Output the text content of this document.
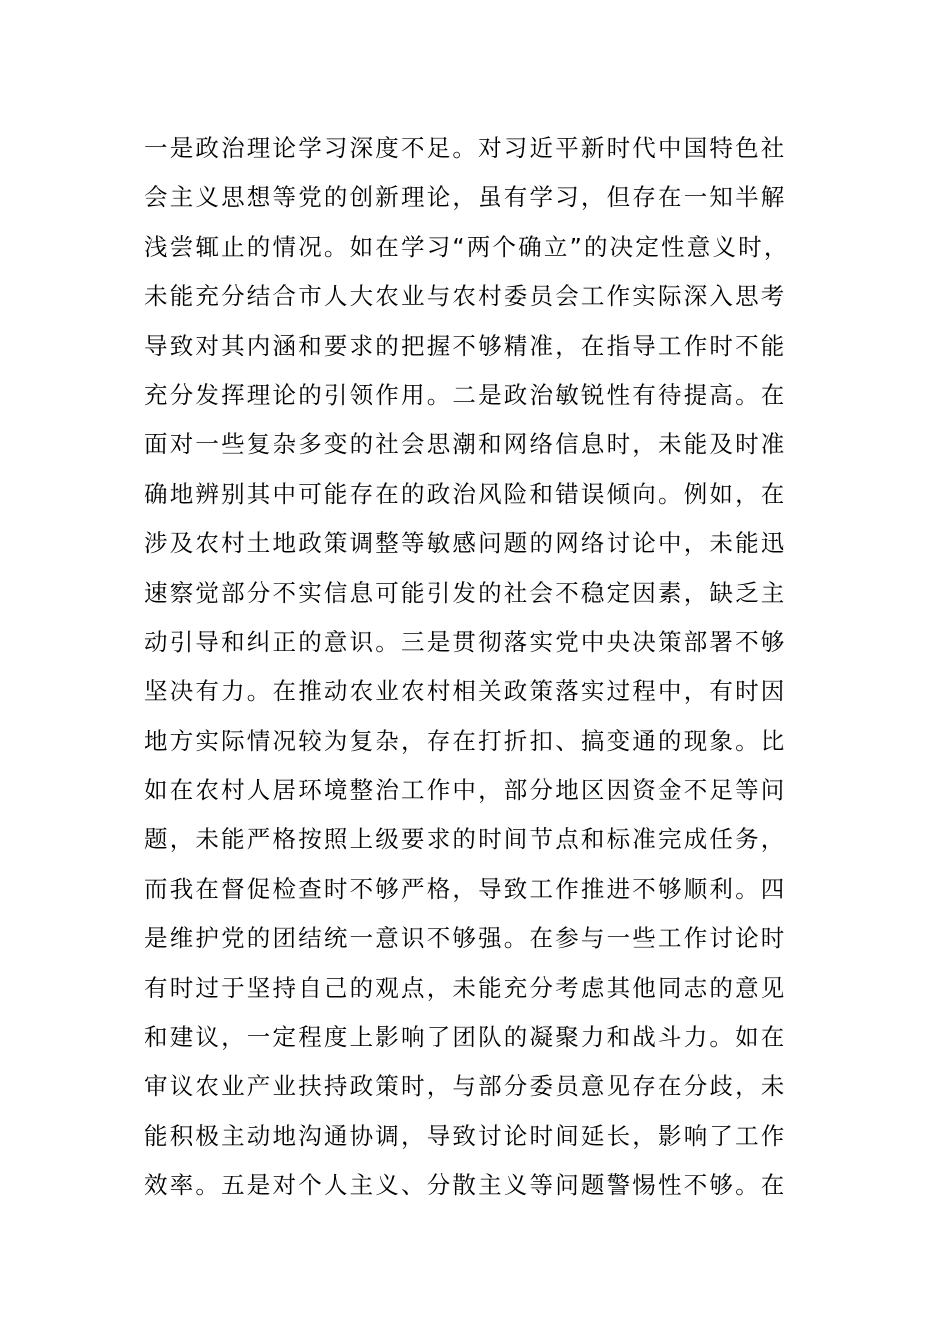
一是政治理论学习深度不足。对习近平新时代中国特色社
会主义思想等党的创新理论，虽有学习，但存在一知半解
浅尝辄止的情况。如在学习“两个确立”的决定性意义时，
未能充分结合市人大农业与农村委员会工作实际深入思考
导致对其内涵和要求的把握不够精准，在指导工作时不能
充分发挥理论的引领作用。二是政治敏锐性有待提高。在
面对一些复杂多变的社会思潮和网络信息时，未能及时准
确地辨别其中可能存在的政治风险和错误倾向。例如，在
涉及农村土地政策调整等敏感问题的网络讨论中，未能迅
速察觉部分不实信息可能引发的社会不稳定因素，缺乏主
动引导和纠正的意识。三是贯彻落实党中央决策部署不够
坚决有力。在推动农业农村相关政策落实过程中，有时因
地方实际情况较为复杂，存在打折扣、搞变通的现象。比
如在农村人居环境整治工作中，部分地区因资金不足等问
题，未能严格按照上级要求的时间节点和标准完成任务，
而我在督促检查时不够严格，导致工作推进不够顺利。四
是维护党的团结统一意识不够强。在参与一些工作讨论时
有时过于坚持自己的观点，未能充分考虑其他同志的意见
和建议，一定程度上影响了团队的凝聚力和战斗力。如在
审议农业产业扶持政策时，与部分委员意见存在分歧，未
能积极主动地沟通协调，导致讨论时间延长，影响了工作
效率。五是对个人主义、分散主义等问题警惕性不够。在
